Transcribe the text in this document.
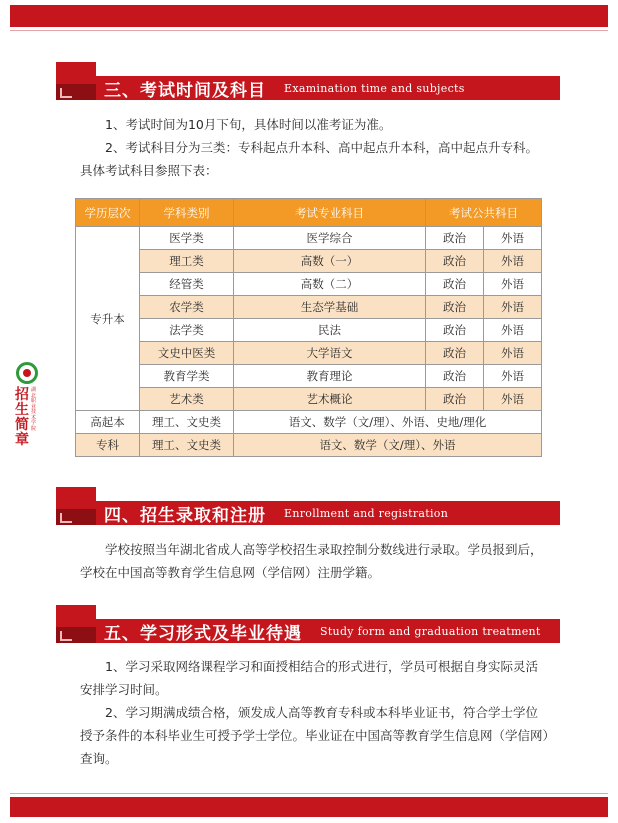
三、考试时间及科目	Examination time and subjects

1、考试时间为10月下旬，具体时间以准考证为准。

2、考试科目分为三类：专科起点升本科、高中起点升本科，高中起点升专科。具体考试科目参照下表：

学历层次	学科类别	考试专业科目	考试公共科目	
专升本	医学类	医学综合	政治	外语
	理工类	高数（一）	政治	外语
	经管类	高数（二）	政治	外语
	农学类	生态学基础	政治	外语
	法学类	民法	政治	外语
	文史中医类	大学语文	政治	外语
	教育学类	教育理论	政治	外语
	艺术类	艺术概论	政治	外语
高起本	理工、文史类	语文、数学（文/理）、外语、史地/理化		
专科	理工、文史类	语文、数学（文/理）、外语		
招生简章
湖北职业技术学院
四、招生录取和注册	Enrollment and registration

学校按照当年湖北省成人高等学校招生录取控制分数线进行录取。学员报到后，学校在中国高等教育学生信息网（学信网）注册学籍。

五、学习形式及毕业待遇	Study form and graduation treatment

1、学习采取网络课程学习和面授相结合的形式进行，学员可根据自身实际灵活安排学习时间。

2、学习期满成绩合格，颁发成人高等教育专科或本科毕业证书，符合学士学位授予条件的本科毕业生可授予学士学位。毕业证在中国高等教育学生信息网（学信网）查询。
